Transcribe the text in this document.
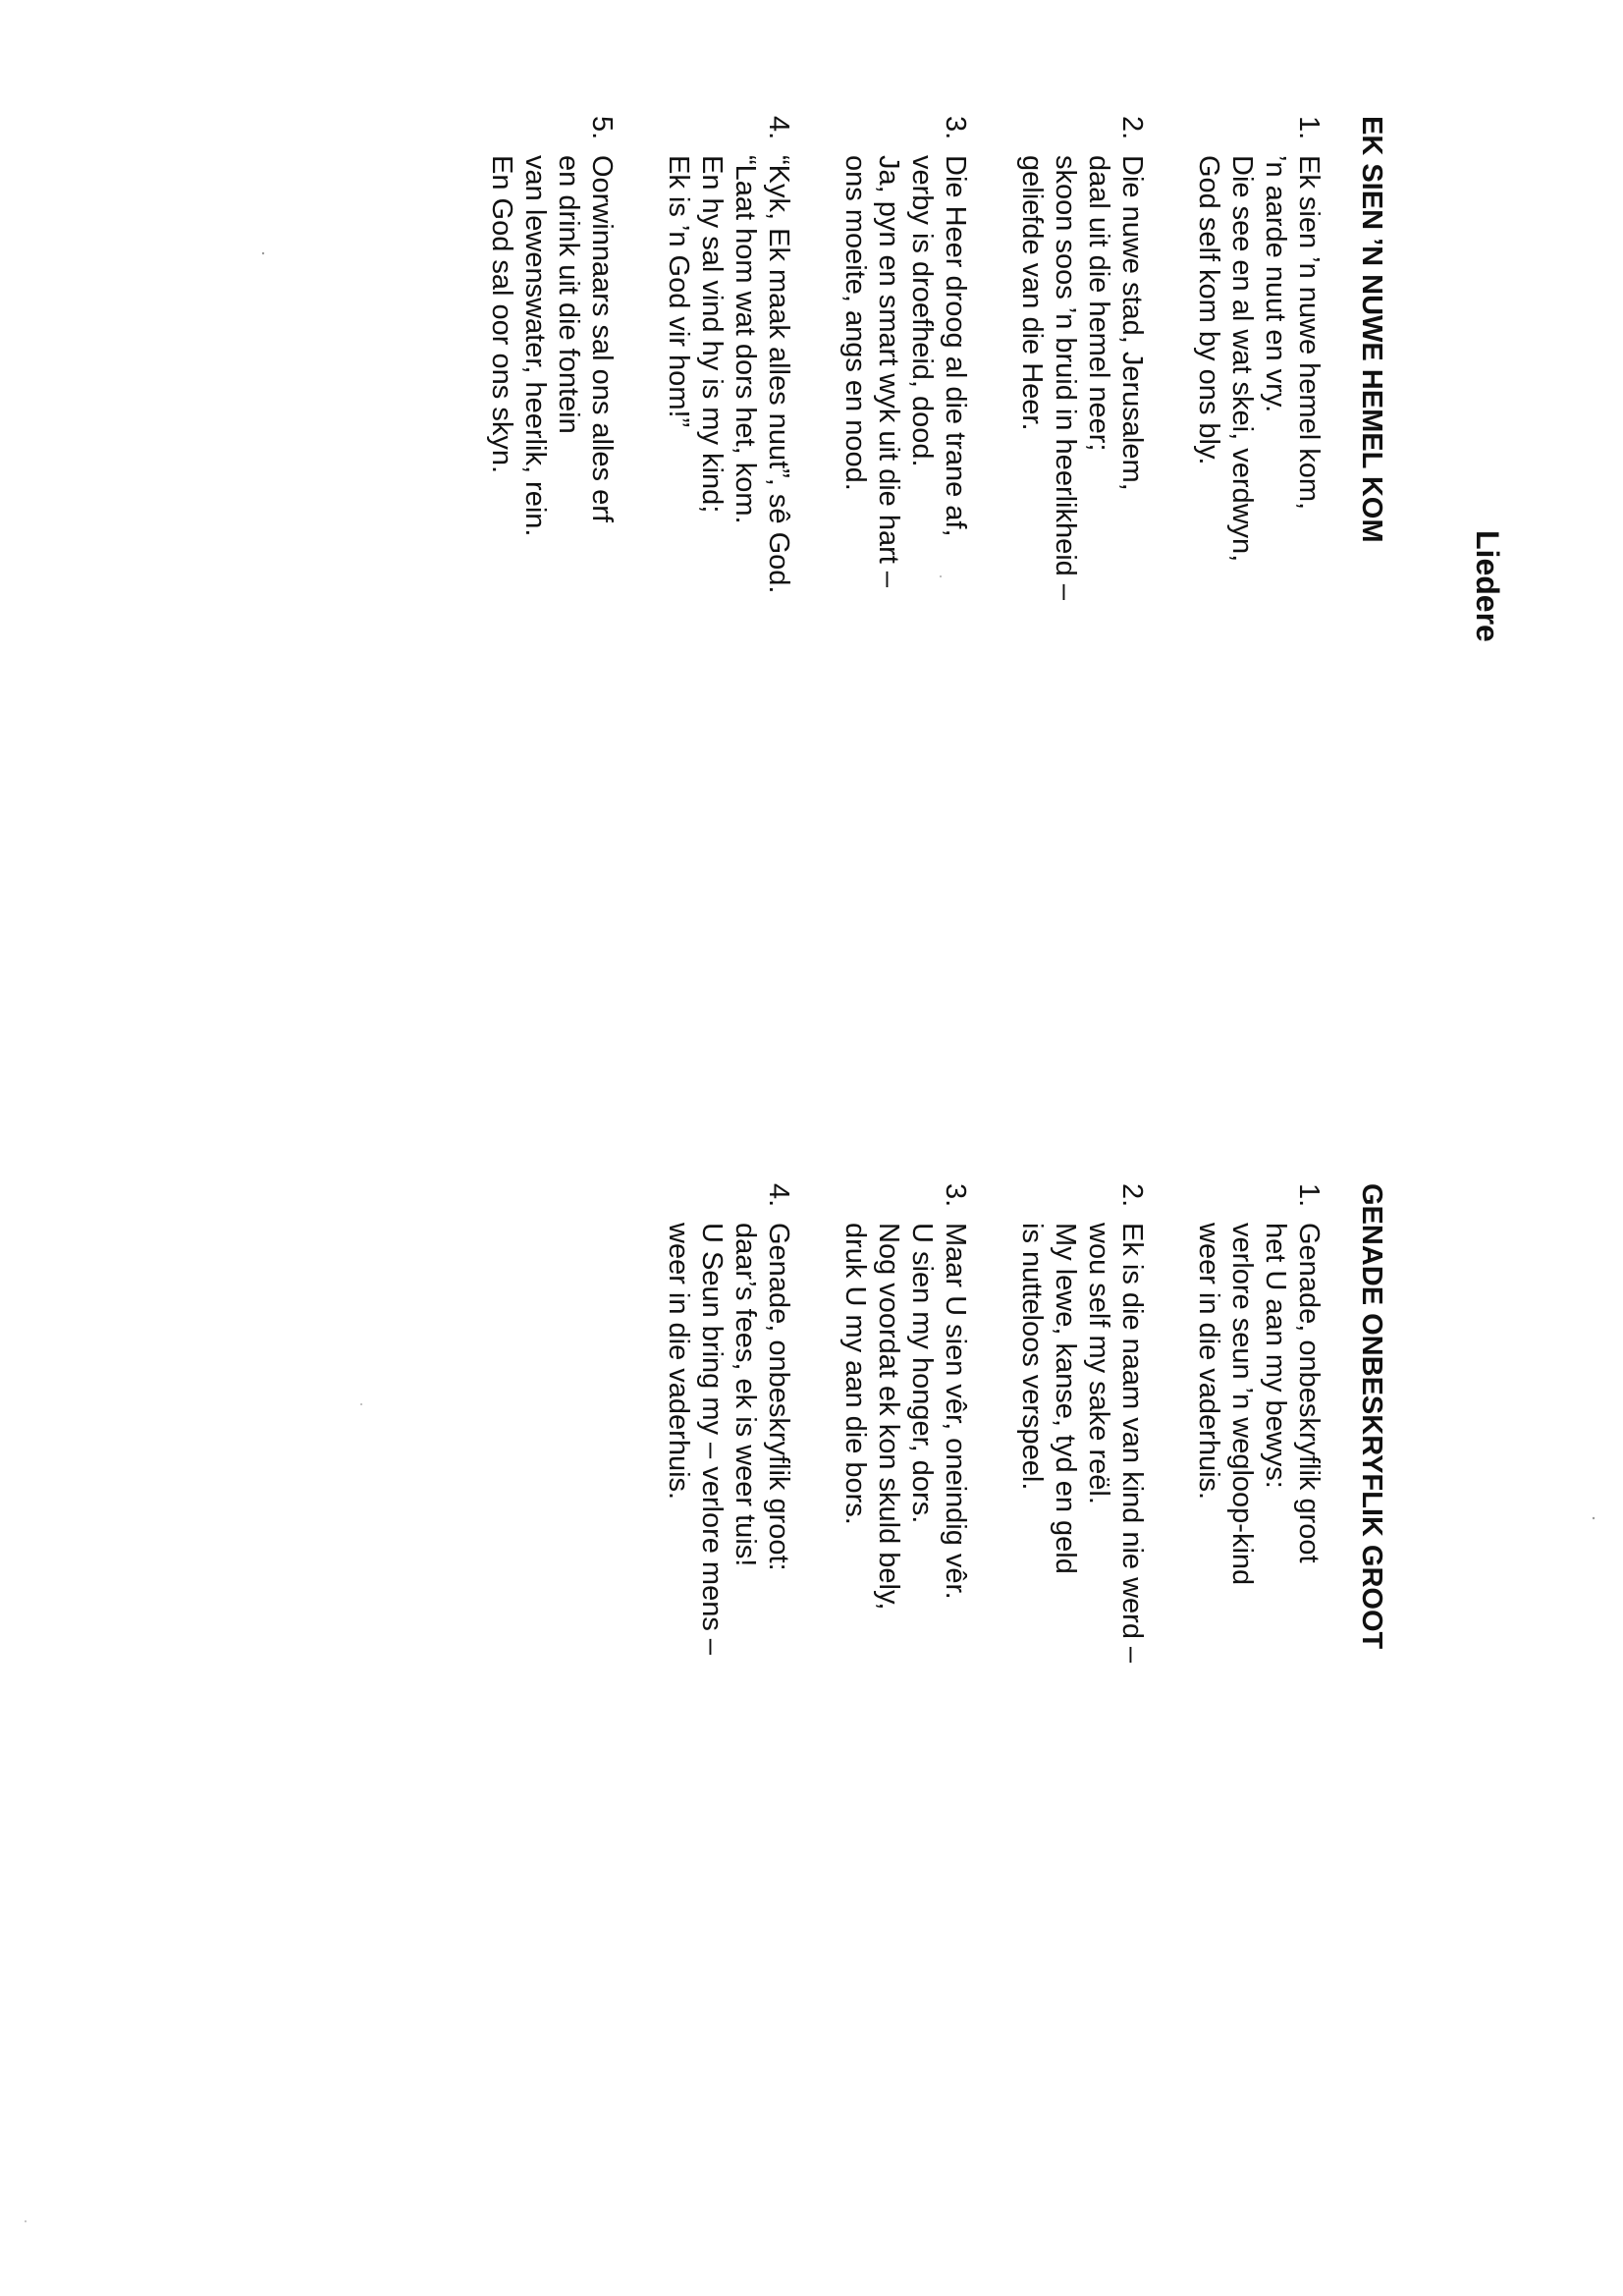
Liedere
EK SIEN ’N NUWE HEMEL KOM
1.
Ek sien ’n nuwe hemel kom,
’n aarde nuut en vry.
Die see en al wat skei, verdwyn,
God self kom by ons bly.
2.
Die nuwe stad, Jerusalem,
daal uit die hemel neer;
skoon soos ’n bruid in heerlikheid –
geliefde van die Heer.
3.
Die Heer droog al die trane af,
verby is droefheid, dood.
Ja, pyn en smart wyk uit die hart –
ons moeite, angs en nood.
4.
“Kyk, Ek maak alles nuut”, sê God.
“Laat hom wat dors het, kom.
En hy sal vind hy is my kind;
Ek is ’n God vir hom!”
5.
Oorwinnaars sal ons alles erf
en drink uit die fontein
van lewenswater, heerlik, rein.
En God sal oor ons skyn.
GENADE ONBESKRYFLIK GROOT
1.
Genade, onbeskryflik groot
het U aan my bewys:
verlore seun ’n wegloop-kind
weer in die vaderhuis.
2.
Ek is die naam van kind nie werd –
wou self my sake reël.
My lewe, kanse, tyd en geld
is nutteloos verspeel.
3.
Maar U sien vêr, oneindig vêr.
U sien my honger, dors.
Nog voordat ek kon skuld bely,
druk U my aan die bors.
4.
Genade, onbeskryflik groot:
daar’s fees, ek is weer tuis!
U Seun bring my – verlore mens –
weer in die vaderhuis.
